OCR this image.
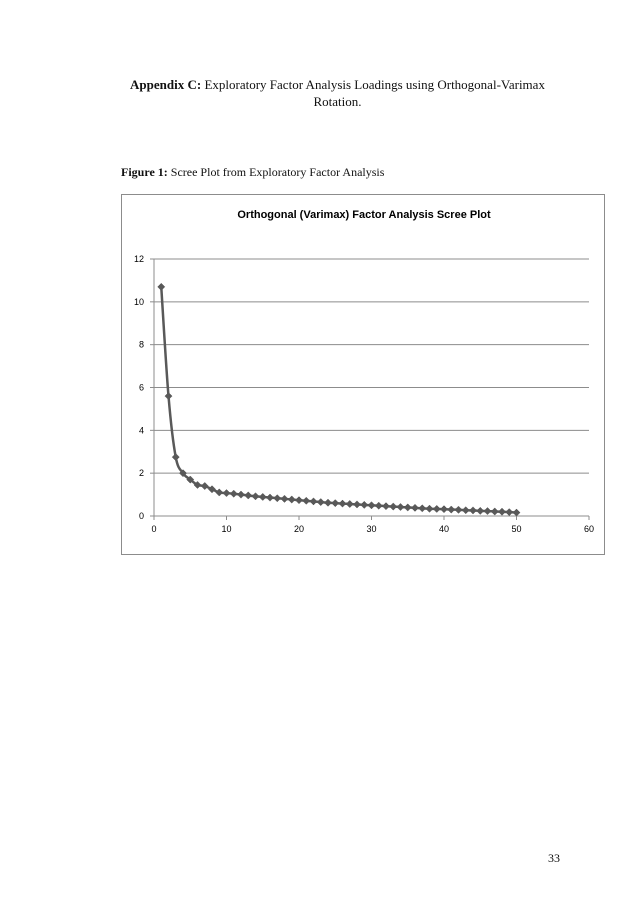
Appendix C: Exploratory Factor Analysis Loadings using Orthogonal-Varimax
Rotation.
Figure 1: Scree Plot from Exploratory Factor Analysis
Orthogonal (Varimax) Factor Analysis Scree Plot
0
2
4
6
8
10
12
0	10	20	30	40	50	60
33
